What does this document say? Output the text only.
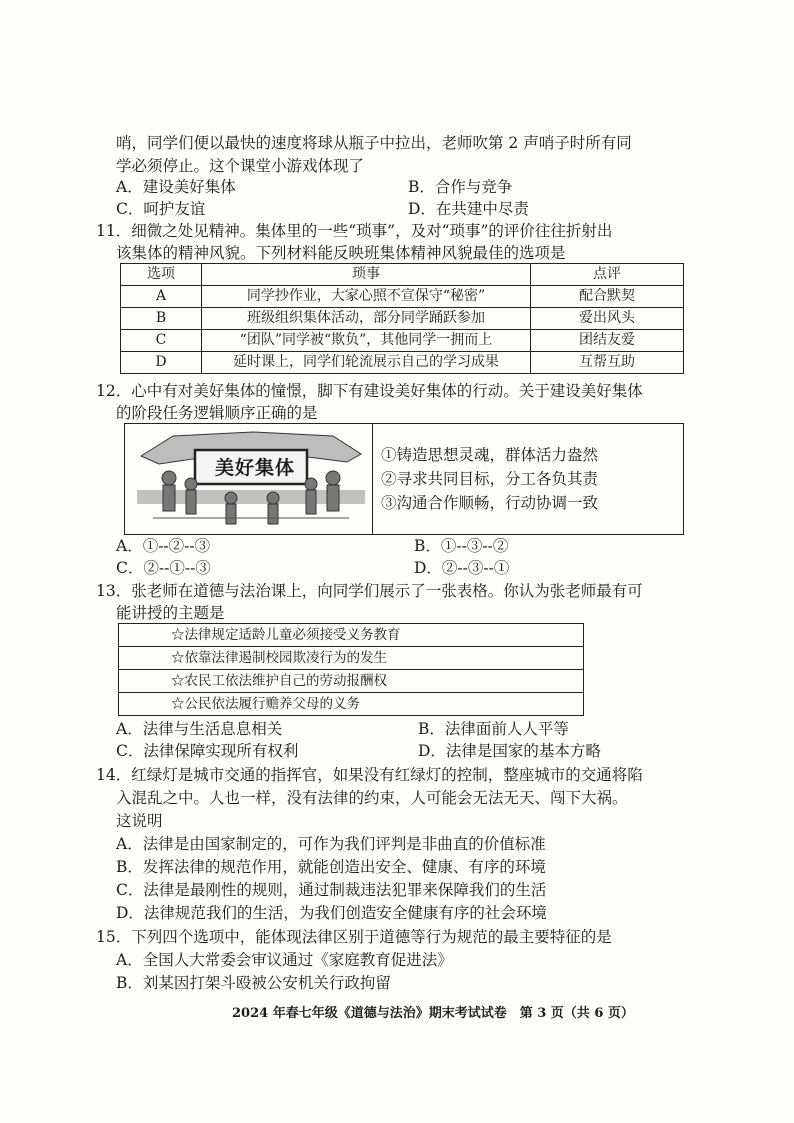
哨，同学们便以最快的速度将球从瓶子中拉出，老师吹第 2 声哨子时所有同
学必须停止。这个课堂小游戏体现了
A．建设美好集体	B．合作与竞争
C．呵护友谊	D．在共建中尽责
11．细微之处见精神。集体里的一些“琐事”，及对“琐事”的评价往往折射出
该集体的精神风貌。下列材料能反映班集体精神风貌最佳的选项是
选项	琐事	点评
A	同学抄作业，大家心照不宣保守“秘密”	配合默契
B	班级组织集体活动，部分同学踊跃参加	爱出风头
C	“团队”同学被“欺负”，其他同学一拥而上	团结友爱
D	延时课上，同学们轮流展示自己的学习成果	互帮互助
12．心中有对美好集体的憧憬，脚下有建设美好集体的行动。关于建设美好集体
的阶段任务逻辑顺序正确的是
美好集体
①铸造思想灵魂，群体活力盎然
②寻求共同目标，分工各负其责
③沟通合作顺畅，行动协调一致
A．①--②--③	B．①--③--②
C．②--①--③	D．②--③--①
13．张老师在道德与法治课上，向同学们展示了一张表格。你认为张老师最有可
能讲授的主题是
☆法律规定适龄儿童必须接受义务教育
☆依靠法律遏制校园欺凌行为的发生
☆农民工依法维护自己的劳动报酬权
☆公民依法履行赡养父母的义务
A．法律与生活息息相关	B．法律面前人人平等
C．法律保障实现所有权利	D．法律是国家的基本方略
14．红绿灯是城市交通的指挥官，如果没有红绿灯的控制，整座城市的交通将陷
入混乱之中。人也一样，没有法律的约束，人可能会无法无天、闯下大祸。
这说明
A．法律是由国家制定的，可作为我们评判是非曲直的价值标准
B．发挥法律的规范作用，就能创造出安全、健康、有序的环境
C．法律是最刚性的规则，通过制裁违法犯罪来保障我们的生活
D．法律规范我们的生活，为我们创造安全健康有序的社会环境
15．下列四个选项中，能体现法律区别于道德等行为规范的最主要特征的是
A．全国人大常委会审议通过《家庭教育促进法》
B．刘某因打架斗殴被公安机关行政拘留
2024 年春七年级《道德与法治》期末考试试卷　第 3 页（共 6 页）
